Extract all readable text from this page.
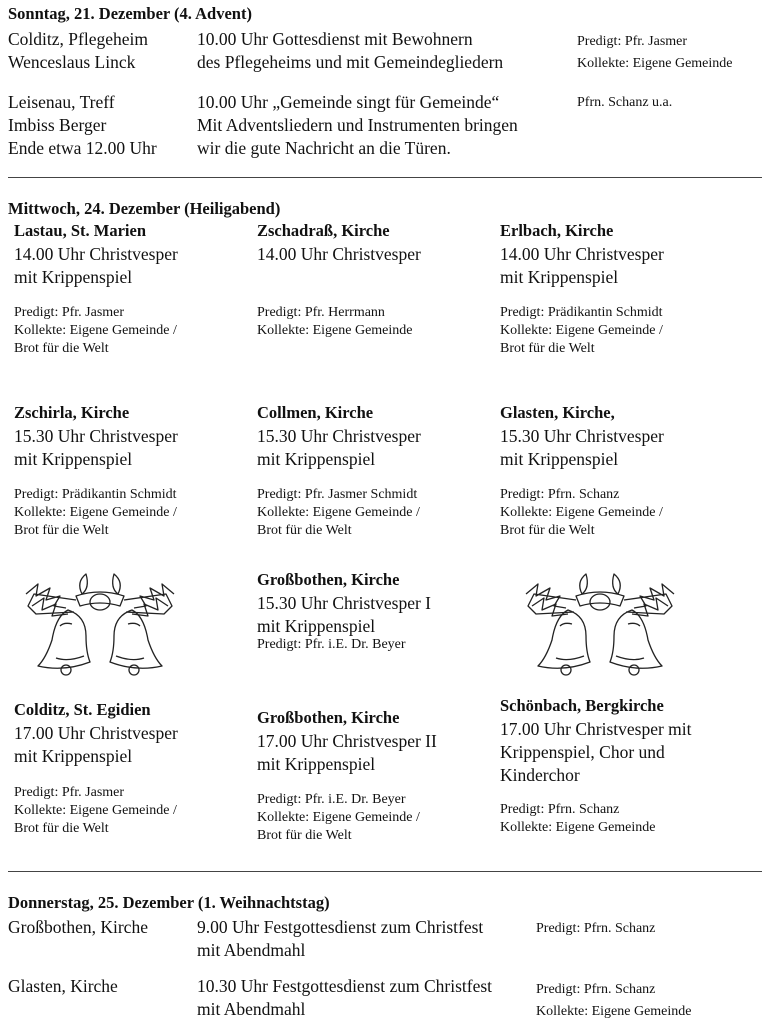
Sonntag, 21. Dezember (4. Advent)
Colditz, Pflegeheim
Wenceslaus Linck
10.00 Uhr Gottesdienst mit Bewohnern
des Pflegeheims und mit Gemeindegliedern
Predigt: Pfr. Jasmer
Kollekte: Eigene Gemeinde
Leisenau, Treff
Imbiss Berger
Ende etwa 12.00 Uhr
10.00 Uhr „Gemeinde singt für Gemeinde“
Mit Adventsliedern und Instrumenten bringen
wir die gute Nachricht an die Türen.
Pfrn. Schanz u.a.
Mittwoch, 24. Dezember (Heiligabend)
Lastau, St. Marien
14.00 Uhr Christvesper
mit Krippenspiel
Predigt: Pfr. Jasmer
Kollekte: Eigene Gemeinde /
Brot für die Welt
Zschadraß, Kirche
14.00 Uhr Christvesper
Predigt: Pfr. Herrmann
Kollekte: Eigene Gemeinde
Erlbach, Kirche
14.00 Uhr Christvesper
mit Krippenspiel
Predigt: Prädikantin Schmidt
Kollekte: Eigene Gemeinde /
Brot für die Welt
Zschirla, Kirche
15.30 Uhr Christvesper
mit Krippenspiel
Predigt: Prädikantin Schmidt
Kollekte: Eigene Gemeinde /
Brot für die Welt
Collmen, Kirche
15.30 Uhr Christvesper
mit Krippenspiel
Predigt: Pfr. Jasmer Schmidt
Kollekte: Eigene Gemeinde /
Brot für die Welt
Glasten, Kirche,
15.30 Uhr Christvesper
mit Krippenspiel
Predigt: Pfrn. Schanz
Kollekte: Eigene Gemeinde /
Brot für die Welt
Großbothen, Kirche
15.30 Uhr Christvesper I
mit Krippenspiel
Predigt: Pfr. i.E. Dr. Beyer
Colditz, St. Egidien
17.00 Uhr Christvesper
mit Krippenspiel
Predigt: Pfr. Jasmer
Kollekte: Eigene Gemeinde /
Brot für die Welt
Großbothen, Kirche
17.00 Uhr Christvesper II
mit Krippenspiel
Predigt: Pfr. i.E. Dr. Beyer
Kollekte: Eigene Gemeinde /
Brot für die Welt
Schönbach, Bergkirche
17.00 Uhr Christvesper mit
Krippenspiel, Chor und
Kinderchor
Predigt: Pfrn. Schanz
Kollekte: Eigene Gemeinde
Donnerstag, 25. Dezember (1. Weihnachtstag)
Großbothen, Kirche	9.00 Uhr Festgottesdienst zum Christfest
mit Abendmahl
Predigt: Pfrn. Schanz
Glasten, Kirche	10.30 Uhr Festgottesdienst zum Christfest
mit Abendmahl
Predigt: Pfrn. Schanz
Kollekte: Eigene Gemeinde
